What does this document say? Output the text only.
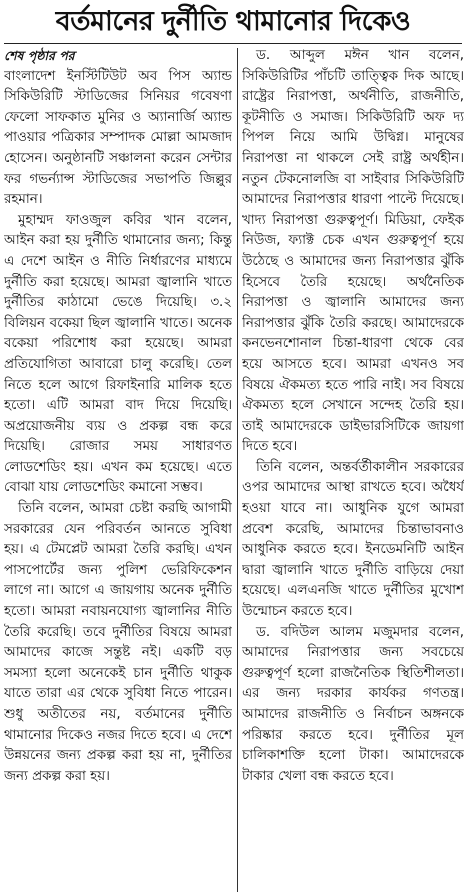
বর্তমানের দুর্নীতি থামানোর দিকেও

শেষ পৃষ্ঠার পর

বাংলাদেশ ইনস্টিটিউট অব পিস অ্যান্ড সিকিউরিটি স্টাডিজের সিনিয়র গবেষণা ফেলো সাফকাত মুনির ও অ্যানার্জি অ্যান্ড পাওয়ার পত্রিকার সম্পাদক মোল্লা আমজাদ হোসেন। অনুষ্ঠানটি সঞ্চালনা করেন সেন্টার ফর গভর্ন্যান্স স্টাডিজের সভাপতি জিল্লুর রহমান।

মুহাম্মদ ফাওজুল কবির খান বলেন, আইন করা হয় দুর্নীতি থামানোর জন্য; কিন্তু এ দেশে আইন ও নীতি নির্ধারণের মাধ্যমে দুর্নীতি করা হয়েছে। আমরা জ্বালানি খাতে দুর্নীতির কাঠামো ভেঙে দিয়েছি। ৩.২ বিলিয়ন বকেয়া ছিল জ্বালানি খাতে। অনেক বকেয়া পরিশোধ করা হয়েছে। আমরা প্রতিযোগিতা আবারো চালু করেছি। তেল নিতে হলে আগে রিফাইনারি মালিক হতে হতো। এটি আমরা বাদ দিয়ে দিয়েছি। অপ্রয়োজনীয় ব্যয় ও প্রকল্প বন্ধ করে দিয়েছি। রোজার সময় সাধারণত লোডশেডিং হয়। এখন কম হয়েছে। এতে বোঝা যায় লোডশেডিং কমানো সম্ভব।

তিনি বলেন, আমরা চেষ্টা করছি আগামী সরকারের যেন পরিবর্তন আনতে সুবিধা হয়। এ টেমপ্লেট আমরা তৈরি করছি। এখন পাসপোর্টের জন্য পুলিশ ভেরিফিকেশন লাগে না। আগে এ জায়গায় অনেক দুর্নীতি হতো। আমরা নবায়নযোগ্য জ্বালানির নীতি তৈরি করেছি। তবে দুর্নীতির বিষয়ে আমরা আমাদের কাজে সন্তুষ্ট নই। একটি বড় সমস্যা হলো অনেকেই চান দুর্নীতি থাকুক যাতে তারা এর থেকে সুবিধা নিতে পারেন। শুধু অতীতের নয়, বর্তমানের দুর্নীতি থামানোর দিকেও নজর দিতে হবে। এ দেশে উন্নয়নের জন্য প্রকল্প করা হয় না, দুর্নীতির জন্য প্রকল্প করা হয়।

ড. আব্দুল মঈন খান বলেন, সিকিউরিটির পাঁচটি তাত্ত্বিক দিক আছে। রাষ্ট্রের নিরাপত্তা, অর্থনীতি, রাজনীতি, কূটনীতি ও সমাজ। সিকিউরিটি অফ দ্য পিপল নিয়ে আমি উদ্বিগ্ন। মানুষের নিরাপত্তা না থাকলে সেই রাষ্ট্র অর্থহীন। নতুন টেকনোলজি বা সাইবার সিকিউরিটি আমাদের নিরাপত্তার ধারণা পাল্টে দিয়েছে। খাদ্য নিরাপত্তা গুরুত্বপূর্ণ। মিডিয়া, ফেইক নিউজ, ফ্যাক্ট চেক এখন গুরুত্বপূর্ণ হয়ে উঠেছে ও আমাদের জন্য নিরাপত্তার ঝুঁকি হিসেবে তৈরি হয়েছে। অর্থনৈতিক নিরাপত্তা ও জ্বালানি আমাদের জন্য নিরাপত্তার ঝুঁকি তৈরি করছে। আমাদেরকে কনভেনশোনাল চিন্তা-ধারণা থেকে বের হয়ে আসতে হবে। আমরা এখনও সব বিষয়ে ঐকমত্য হতে পারি নাই। সব বিষয়ে ঐকমত্য হলে সেখানে সন্দেহ তৈরি হয়। তাই আমাদেরকে ডাইভারসিটিকে জায়গা দিতে হবে।

তিনি বলেন, অন্তর্বর্তীকালীন সরকারের ওপর আমাদের আস্থা রাখতে হবে। অধৈর্য হওয়া যাবে না। আধুনিক যুগে আমরা প্রবেশ করেছি, আমাদের চিন্তাভাবনাও আধুনিক করতে হবে। ইনডেমনিটি আইন দ্বারা জ্বালানি খাতে দুর্নীতি বাড়িয়ে দেয়া হয়েছে। এলএনজি খাতে দুর্নীতির মুখোশ উন্মোচন করতে হবে।

ড. বদিউল আলম মজুমদার বলেন, আমাদের নিরাপত্তার জন্য সবচেয়ে গুরুত্বপূর্ণ হলো রাজনৈতিক স্থিতিশীলতা। এর জন্য দরকার কার্যকর গণতন্ত্র। আমাদের রাজনীতি ও নির্বাচন অঙ্গনকে পরিষ্কার করতে হবে। দুর্নীতির মূল চালিকাশক্তি হলো টাকা। আমাদেরকে টাকার খেলা বন্ধ করতে হবে।
